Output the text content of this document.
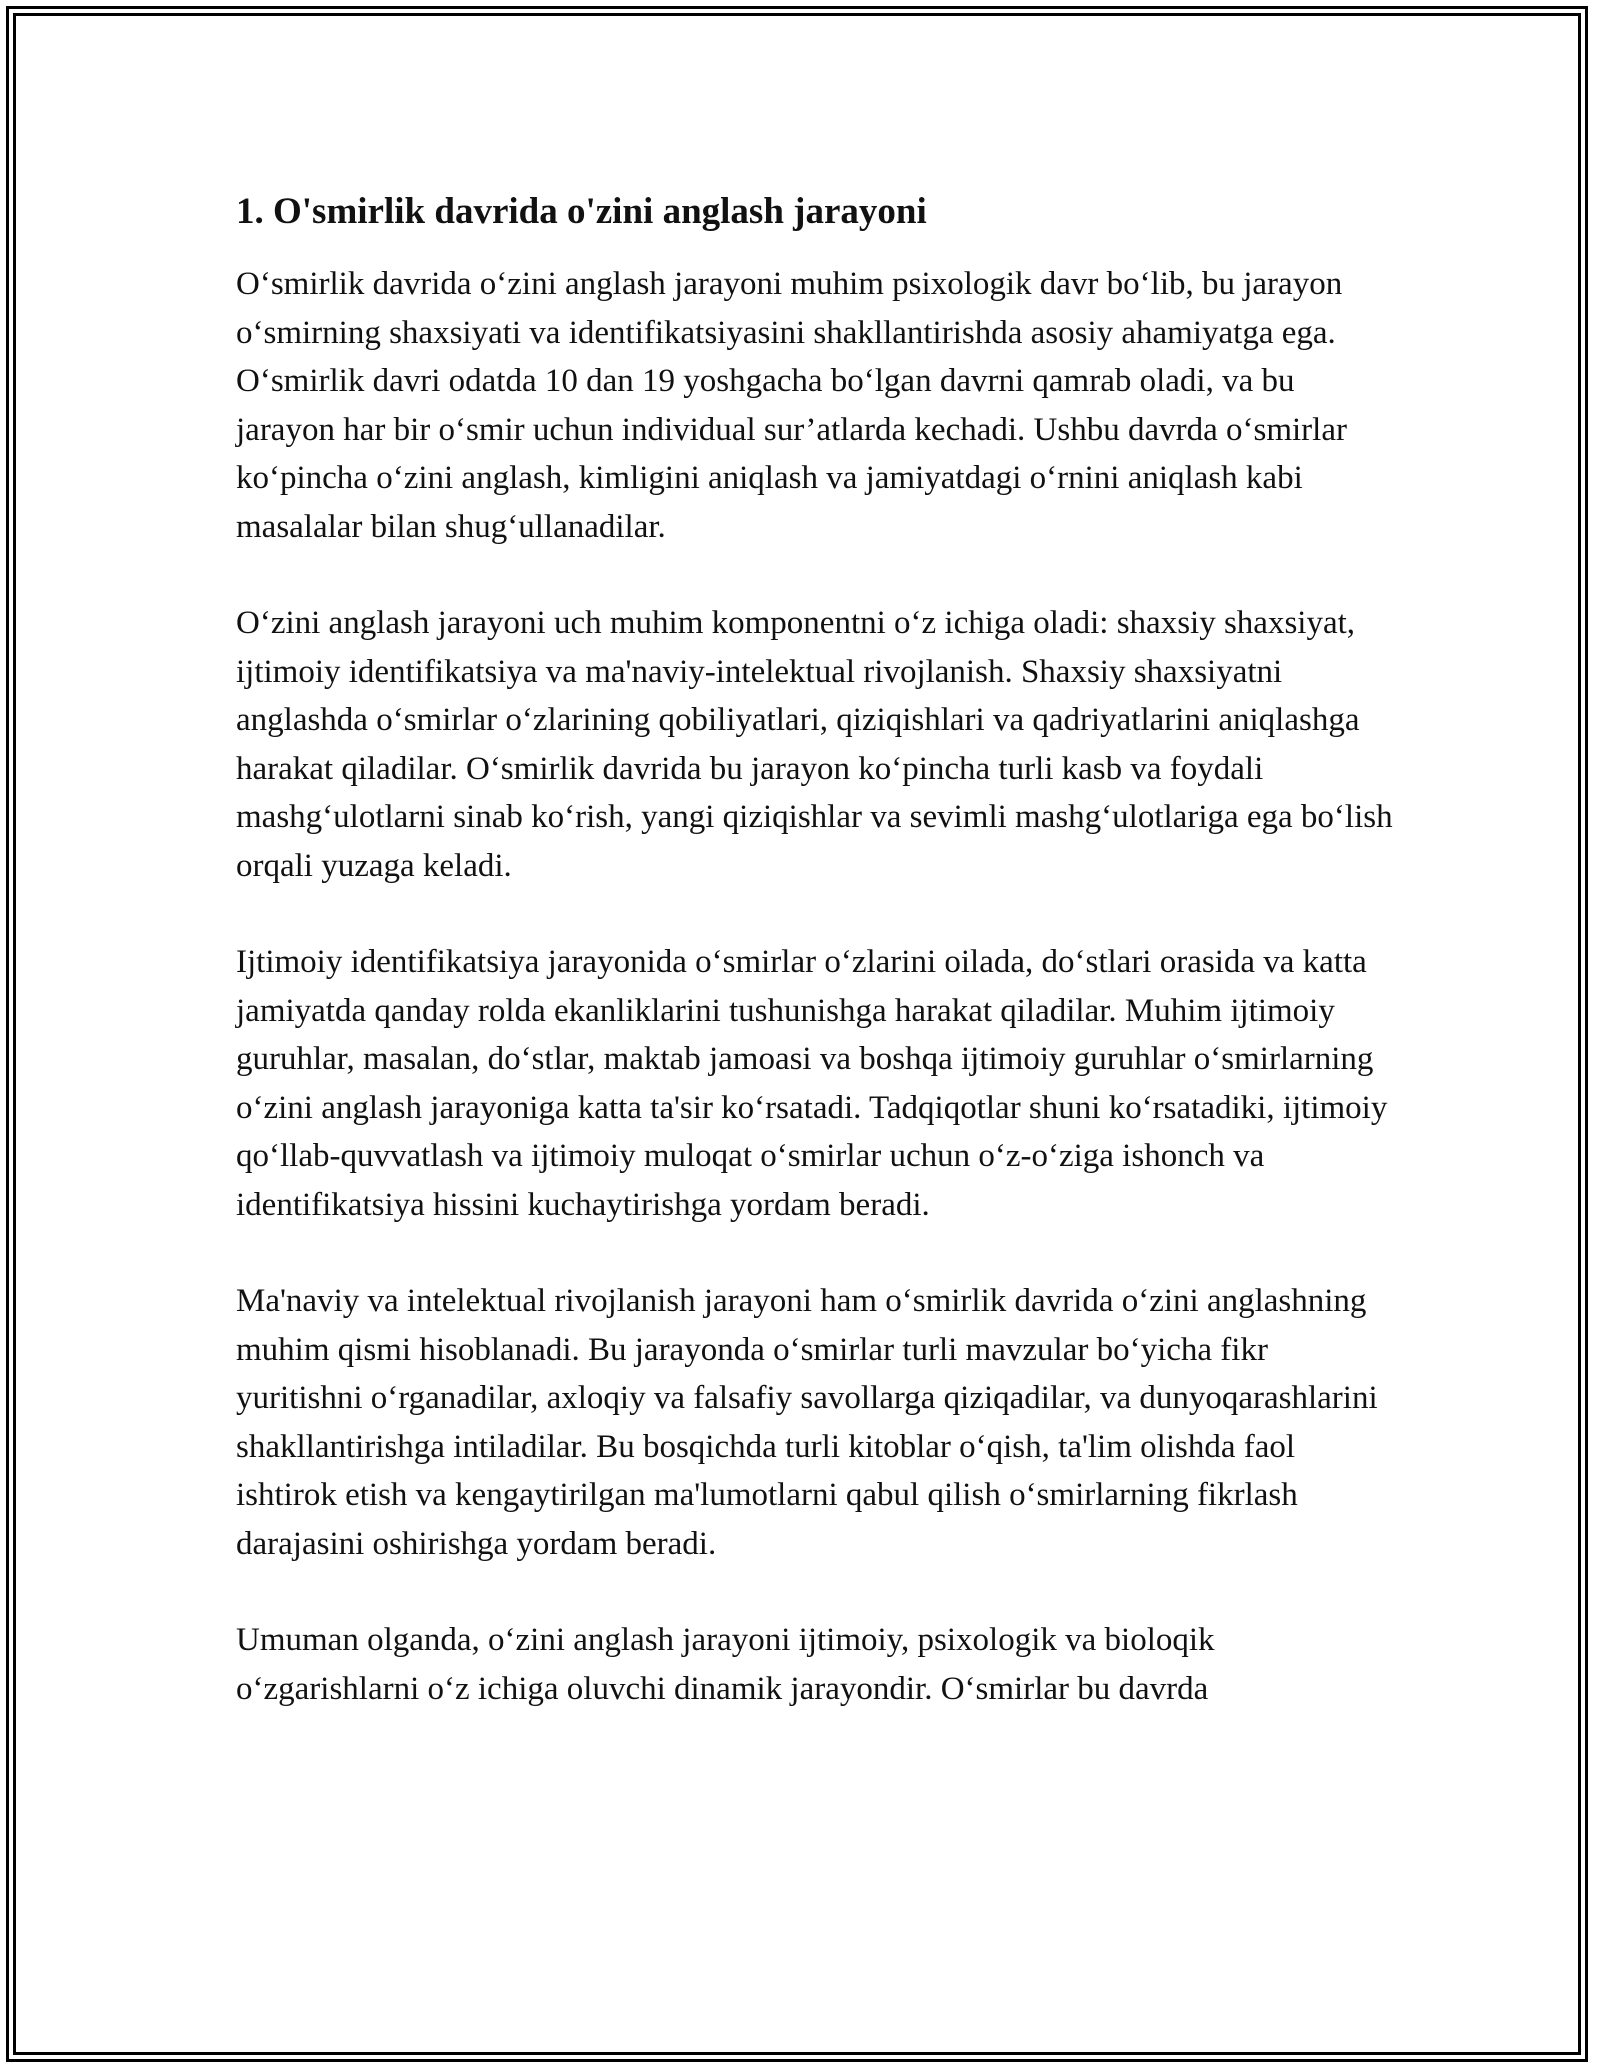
1. O'smirlik davrida o'zini anglash jarayoni

O‘smirlik davrida o‘zini anglash jarayoni muhim psixologik davr bo‘lib, bu jarayon o‘smirning shaxsiyati va identifikatsiyasini shakllantirishda asosiy ahamiyatga ega. O‘smirlik davri odatda 10 dan 19 yoshgacha bo‘lgan davrni qamrab oladi, va bu jarayon har bir o‘smir uchun individual sur’atlarda kechadi. Ushbu davrda o‘smirlar ko‘pincha o‘zini anglash, kimligini aniqlash va jamiyatdagi o‘rnini aniqlash kabi masalalar bilan shug‘ullanadilar.

O‘zini anglash jarayoni uch muhim komponentni o‘z ichiga oladi: shaxsiy shaxsiyat, ijtimoiy identifikatsiya va ma'naviy-intelektual rivojlanish. Shaxsiy shaxsiyatni anglashda o‘smirlar o‘zlarining qobiliyatlari, qiziqishlari va qadriyatlarini aniqlashga harakat qiladilar. O‘smirlik davrida bu jarayon ko‘pincha turli kasb va foydali mashg‘ulotlarni sinab ko‘rish, yangi qiziqishlar va sevimli mashg‘ulotlariga ega bo‘lish orqali yuzaga keladi.

Ijtimoiy identifikatsiya jarayonida o‘smirlar o‘zlarini oilada, do‘stlari orasida va katta jamiyatda qanday rolda ekanliklarini tushunishga harakat qiladilar. Muhim ijtimoiy guruhlar, masalan, do‘stlar, maktab jamoasi va boshqa ijtimoiy guruhlar o‘smirlarning o‘zini anglash jarayoniga katta ta'sir ko‘rsatadi. Tadqiqotlar shuni ko‘rsatadiki, ijtimoiy qo‘llab-quvvatlash va ijtimoiy muloqat o‘smirlar uchun o‘z-o‘ziga ishonch va identifikatsiya hissini kuchaytirishga yordam beradi.

Ma'naviy va intelektual rivojlanish jarayoni ham o‘smirlik davrida o‘zini anglashning muhim qismi hisoblanadi. Bu jarayonda o‘smirlar turli mavzular bo‘yicha fikr yuritishni o‘rganadilar, axloqiy va falsafiy savollarga qiziqadilar, va dunyoqarashlarini shakllantirishga intiladilar. Bu bosqichda turli kitoblar o‘qish, ta'lim olishda faol ishtirok etish va kengaytirilgan ma'lumotlarni qabul qilish o‘smirlarning fikrlash darajasini oshirishga yordam beradi.

Umuman olganda, o‘zini anglash jarayoni ijtimoiy, psixologik va bioloqik o‘zgarishlarni o‘z ichiga oluvchi dinamik jarayondir. O‘smirlar bu davrda
